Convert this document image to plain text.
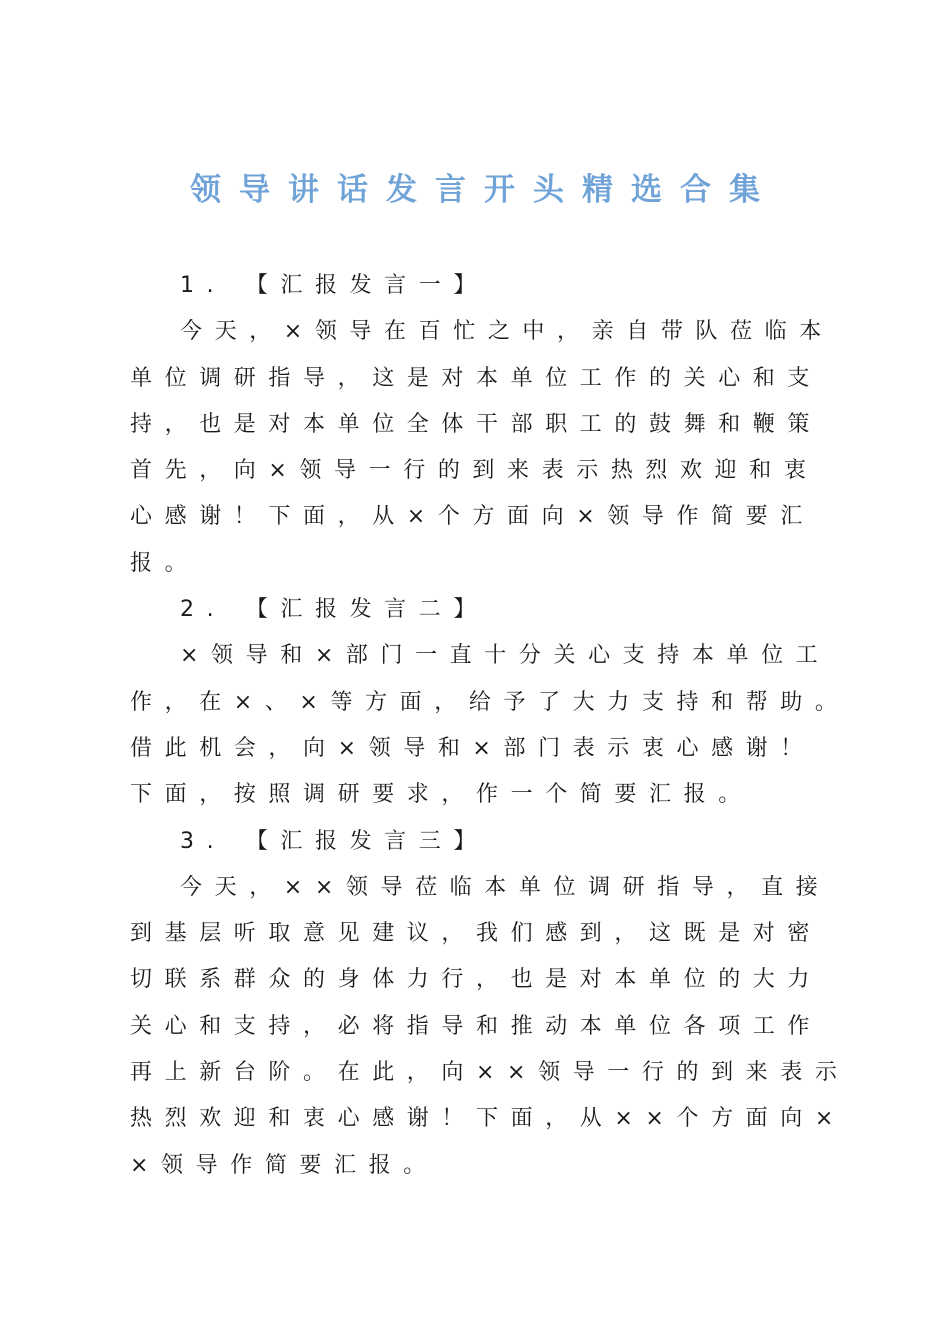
领导讲话发言开头精选合集
1. 【汇报发言一】
今天，×领导在百忙之中，亲自带队莅临本
单位调研指导，这是对本单位工作的关心和支
持，也是对本单位全体干部职工的鼓舞和鞭策
首先，向×领导一行的到来表示热烈欢迎和衷
心感谢！下面，从×个方面向×领导作简要汇
报。
2. 【汇报发言二】
×领导和×部门一直十分关心支持本单位工
作，在×、×等方面，给予了大力支持和帮助。
借此机会，向×领导和×部门表示衷心感谢！
下面，按照调研要求，作一个简要汇报。
3. 【汇报发言三】
今天，××领导莅临本单位调研指导，直接
到基层听取意见建议，我们感到，这既是对密
切联系群众的身体力行，也是对本单位的大力
关心和支持，必将指导和推动本单位各项工作
再上新台阶。在此，向××领导一行的到来表示
热烈欢迎和衷心感谢！下面，从××个方面向×
×领导作简要汇报。
